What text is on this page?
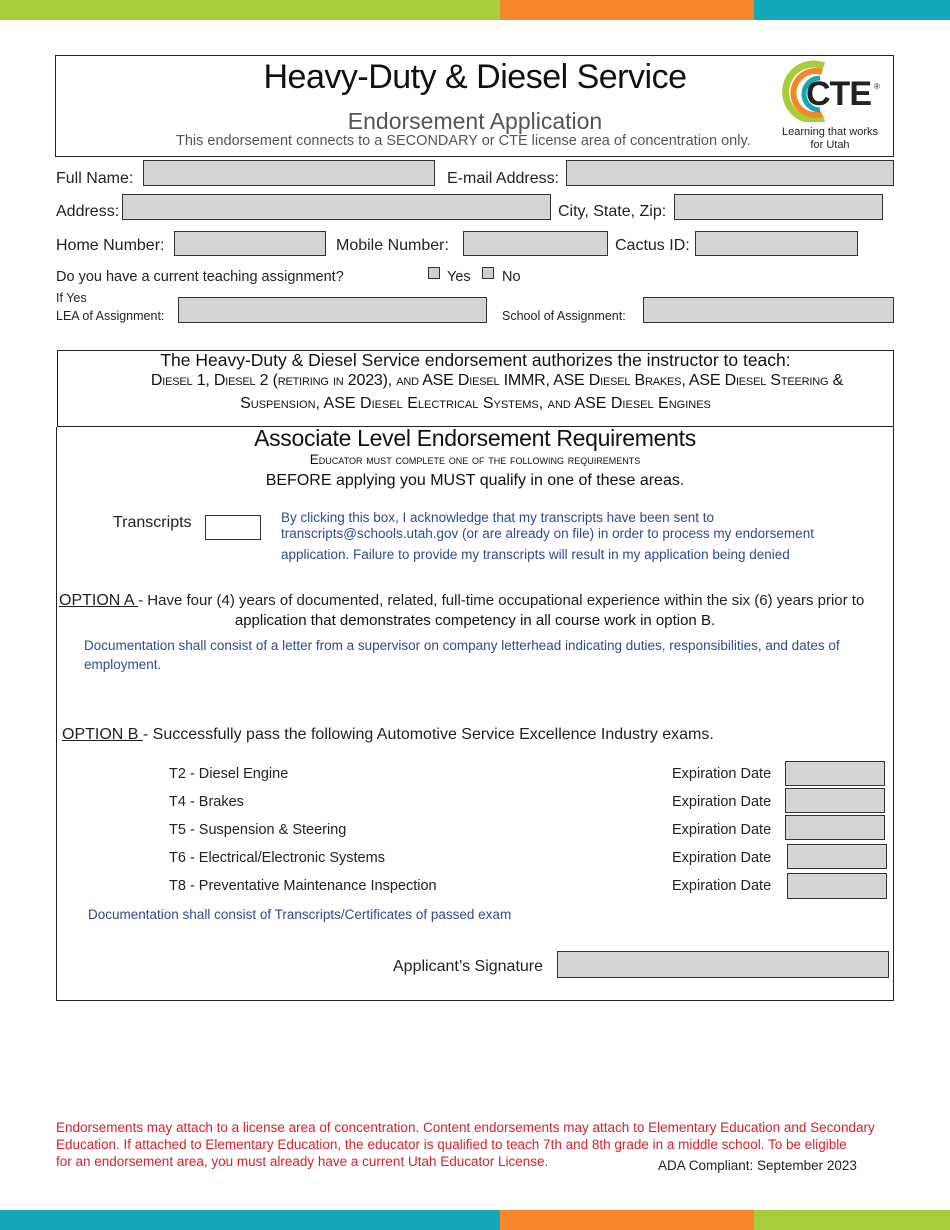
Heavy-Duty & Diesel Service
Endorsement Application
This endorsement connects to a SECONDARY or CTE license area of concentration only.
CTE ®
Learning that works
for Utah
Full Name:	E-mail Address:
Address:	City, State, Zip:
Home Number:	Mobile Number:	Cactus ID:
Do you have a current teaching assignment?	Yes No
If Yes
LEA of Assignment:	School of Assignment:
The Heavy-Duty & Diesel Service endorsement authorizes the instructor to teach:
Diesel 1, Diesel 2 (retiring in 2023), and ASE Diesel IMMR, ASE Diesel Brakes, ASE Diesel Steering &
Suspension, ASE Diesel Electrical Systems, and ASE Diesel Engines
Associate Level Endorsement Requirements
Educator must complete one of the following requirements
BEFORE applying you MUST qualify in one of these areas.
Transcripts	By clicking this box, I acknowledge that my transcripts have been sent to
transcripts@schools.utah.gov (or are already on file) in order to process my endorsement
application. Failure to provide my transcripts will result in my application being denied
OPTION A - Have four (4) years of documented, related, full-time occupational experience within the six (6) years prior to
application that demonstrates competency in all course work in option B.
Documentation shall consist of a letter from a supervisor on company letterhead indicating duties, responsibilities, and dates of
employment.
OPTION B - Successfully pass the following Automotive Service Excellence Industry exams.
T2 - Diesel Engine	Expiration Date
T4 - Brakes	Expiration Date
T5 - Suspension & Steering	Expiration Date
T6 - Electrical/Electronic Systems	Expiration Date
T8 - Preventative Maintenance Inspection	Expiration Date
Documentation shall consist of Transcripts/Certificates of passed exam
Applicant’s Signature
Endorsements may attach to a license area of concentration. Content endorsements may attach to Elementary Education and Secondary
Education. If attached to Elementary Education, the educator is qualified to teach 7th and 8th grade in a middle school. To be eligible
for an endorsement area, you must already have a current Utah Educator License.	ADA Compliant: September 2023
